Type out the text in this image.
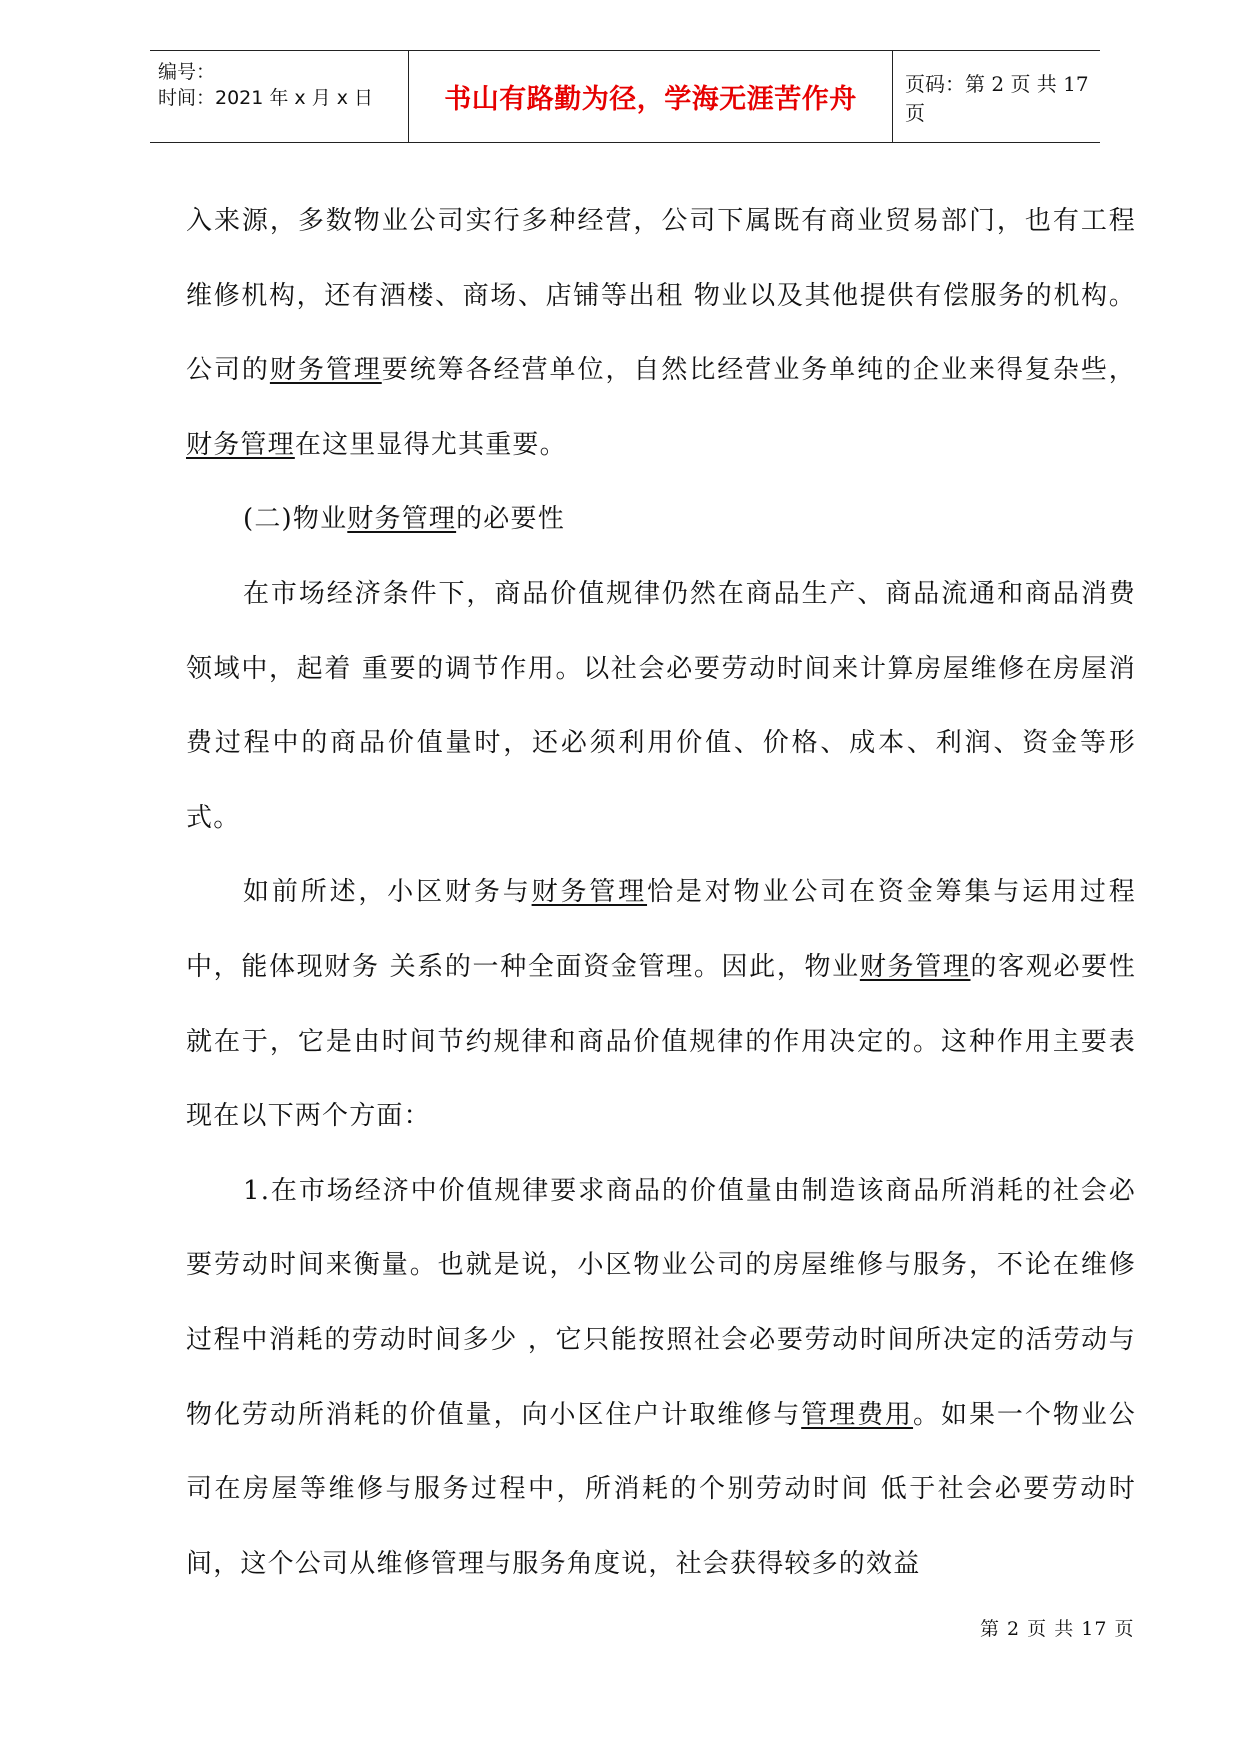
编号：
时间：2021 年 x 月 x 日	书山有路勤为径，学海无涯苦作舟
页码：第 2 页 共 17 页

入来源，多数物业公司实行多种经营，公司下属既有商业贸易部门，也有工程维修机构，还有酒楼、商场、店铺等出租 物业以及其他提供有偿服务的机构。公司的财务管理要统筹各经营单位，自然比经营业务单纯的企业来得复杂些，财务管理在这里显得尤其重要。

(二)物业财务管理的必要性

在市场经济条件下，商品价值规律仍然在商品生产、商品流通和商品消费领域中，起着 重要的调节作用。以社会必要劳动时间来计算房屋维修在房屋消费过程中的商品价值量时，还必须利用价值、价格、成本、利润、资金等形式。

如前所述，小区财务与财务管理恰是对物业公司在资金筹集与运用过程中，能体现财务 关系的一种全面资金管理。因此，物业财务管理的客观必要性就在于，它是由时间节约规律和商品价值规律的作用决定的。这种作用主要表现在以下两个方面：

1.在市场经济中价值规律要求商品的价值量由制造该商品所消耗的社会必要劳动时间来衡量。也就是说，小区物业公司的房屋维修与服务，不论在维修过程中消耗的劳动时间多少 ，它只能按照社会必要劳动时间所决定的活劳动与物化劳动所消耗的价值量，向小区住户计取维修与管理费用。如果一个物业公司在房屋等维修与服务过程中，所消耗的个别劳动时间 低于社会必要劳动时间，这个公司从维修管理与服务角度说，社会获得较多的效益

第 2 页 共 17 页
